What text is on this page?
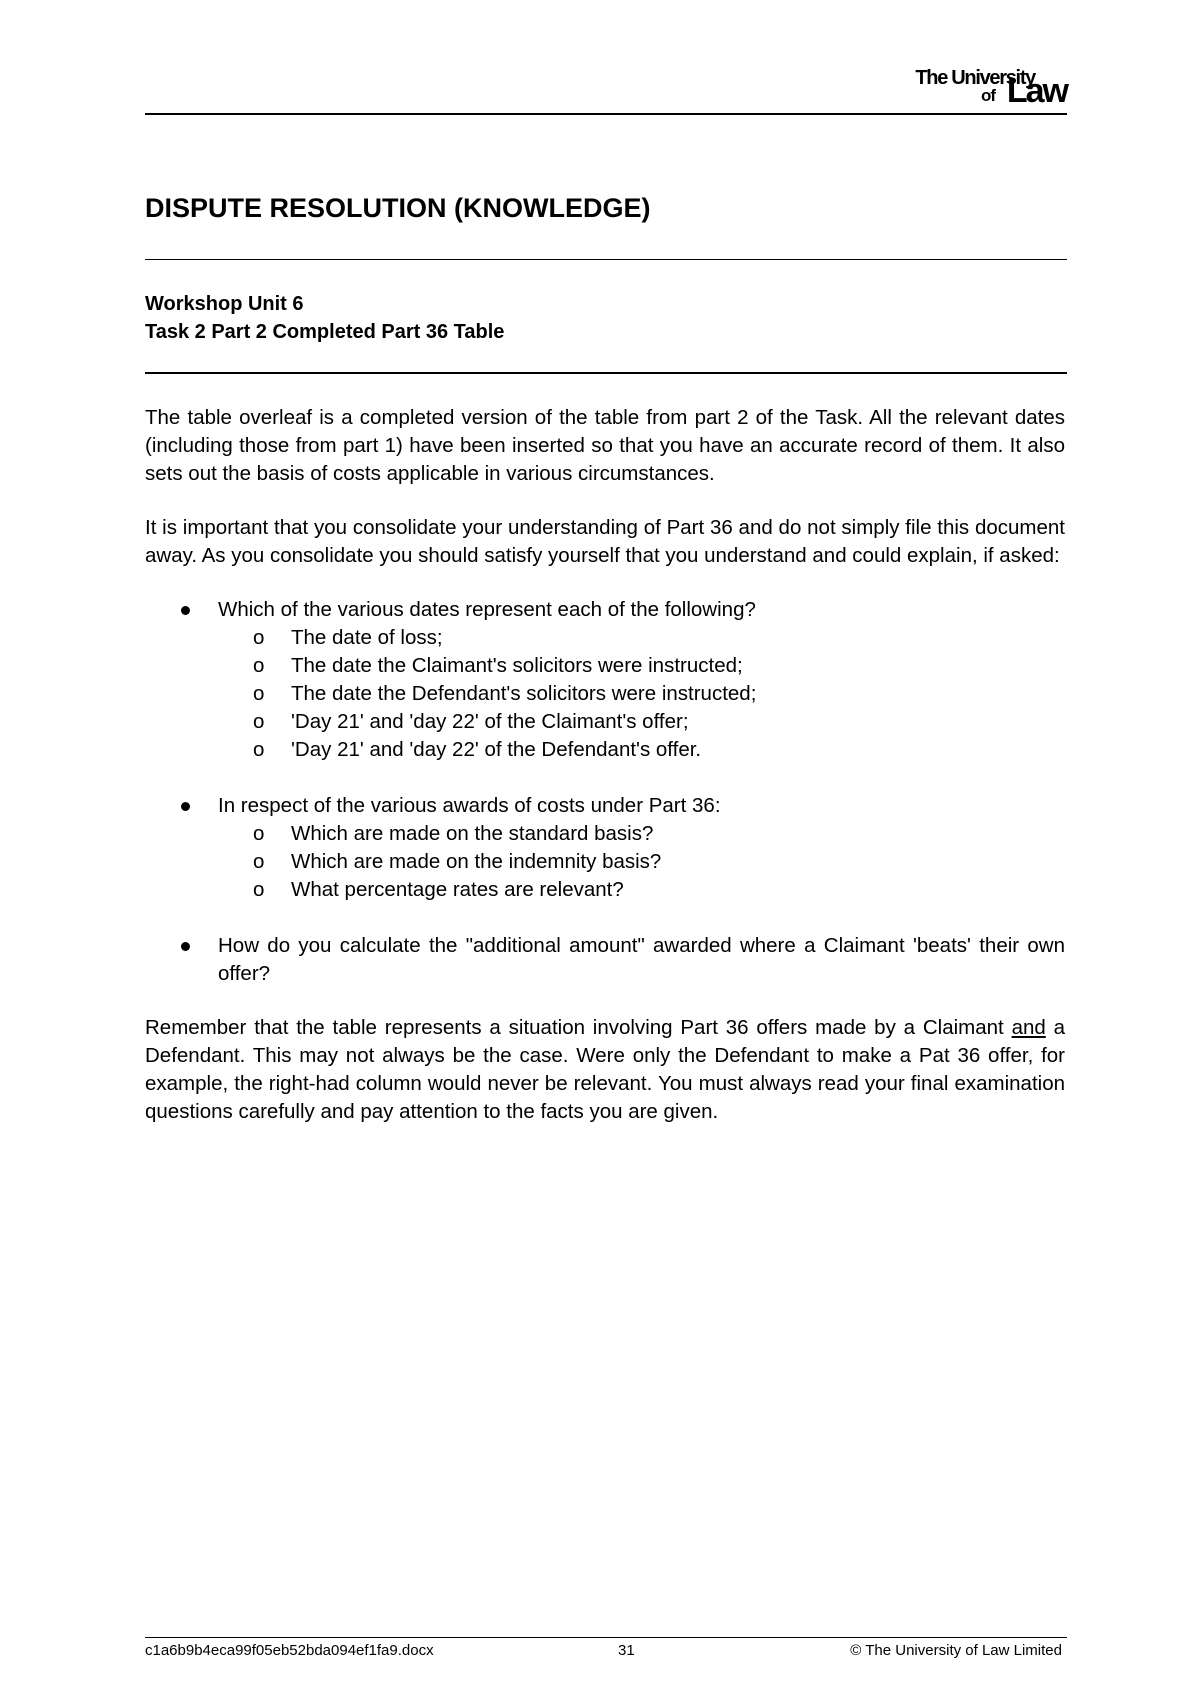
The University
of Law
DISPUTE RESOLUTION (KNOWLEDGE)
Workshop Unit 6
Task 2 Part 2 Completed Part 36 Table

The table overleaf is a completed version of the table from part 2 of the Task. All the relevant dates (including those from part 1) have been inserted so that you have an accurate record of them. It also sets out the basis of costs applicable in various circumstances.

It is important that you consolidate your understanding of Part 36 and do not simply file this document away. As you consolidate you should satisfy yourself that you understand and could explain, if asked:

Which of the various dates represent each of the following?
o	The date of loss;
o	The date the Claimant's solicitors were instructed;
o	The date the Defendant's solicitors were instructed;
o	'Day 21' and 'day 22' of the Claimant's offer;
o	'Day 21' and 'day 22' of the Defendant's offer.
In respect of the various awards of costs under Part 36:
o	Which are made on the standard basis?
o	Which are made on the indemnity basis?
o	What percentage rates are relevant?
How do you calculate the "additional amount" awarded where a Claimant 'beats' their own offer?

Remember that the table represents a situation involving Part 36 offers made by a Claimant and a Defendant. This may not always be the case. Were only the Defendant to make a Pat 36 offer, for example, the right-had column would never be relevant. You must always read your final examination questions carefully and pay attention to the facts you are given.

c1a6b9b4eca99f05eb52bda094ef1fa9.docx	31	© The University of Law Limited
